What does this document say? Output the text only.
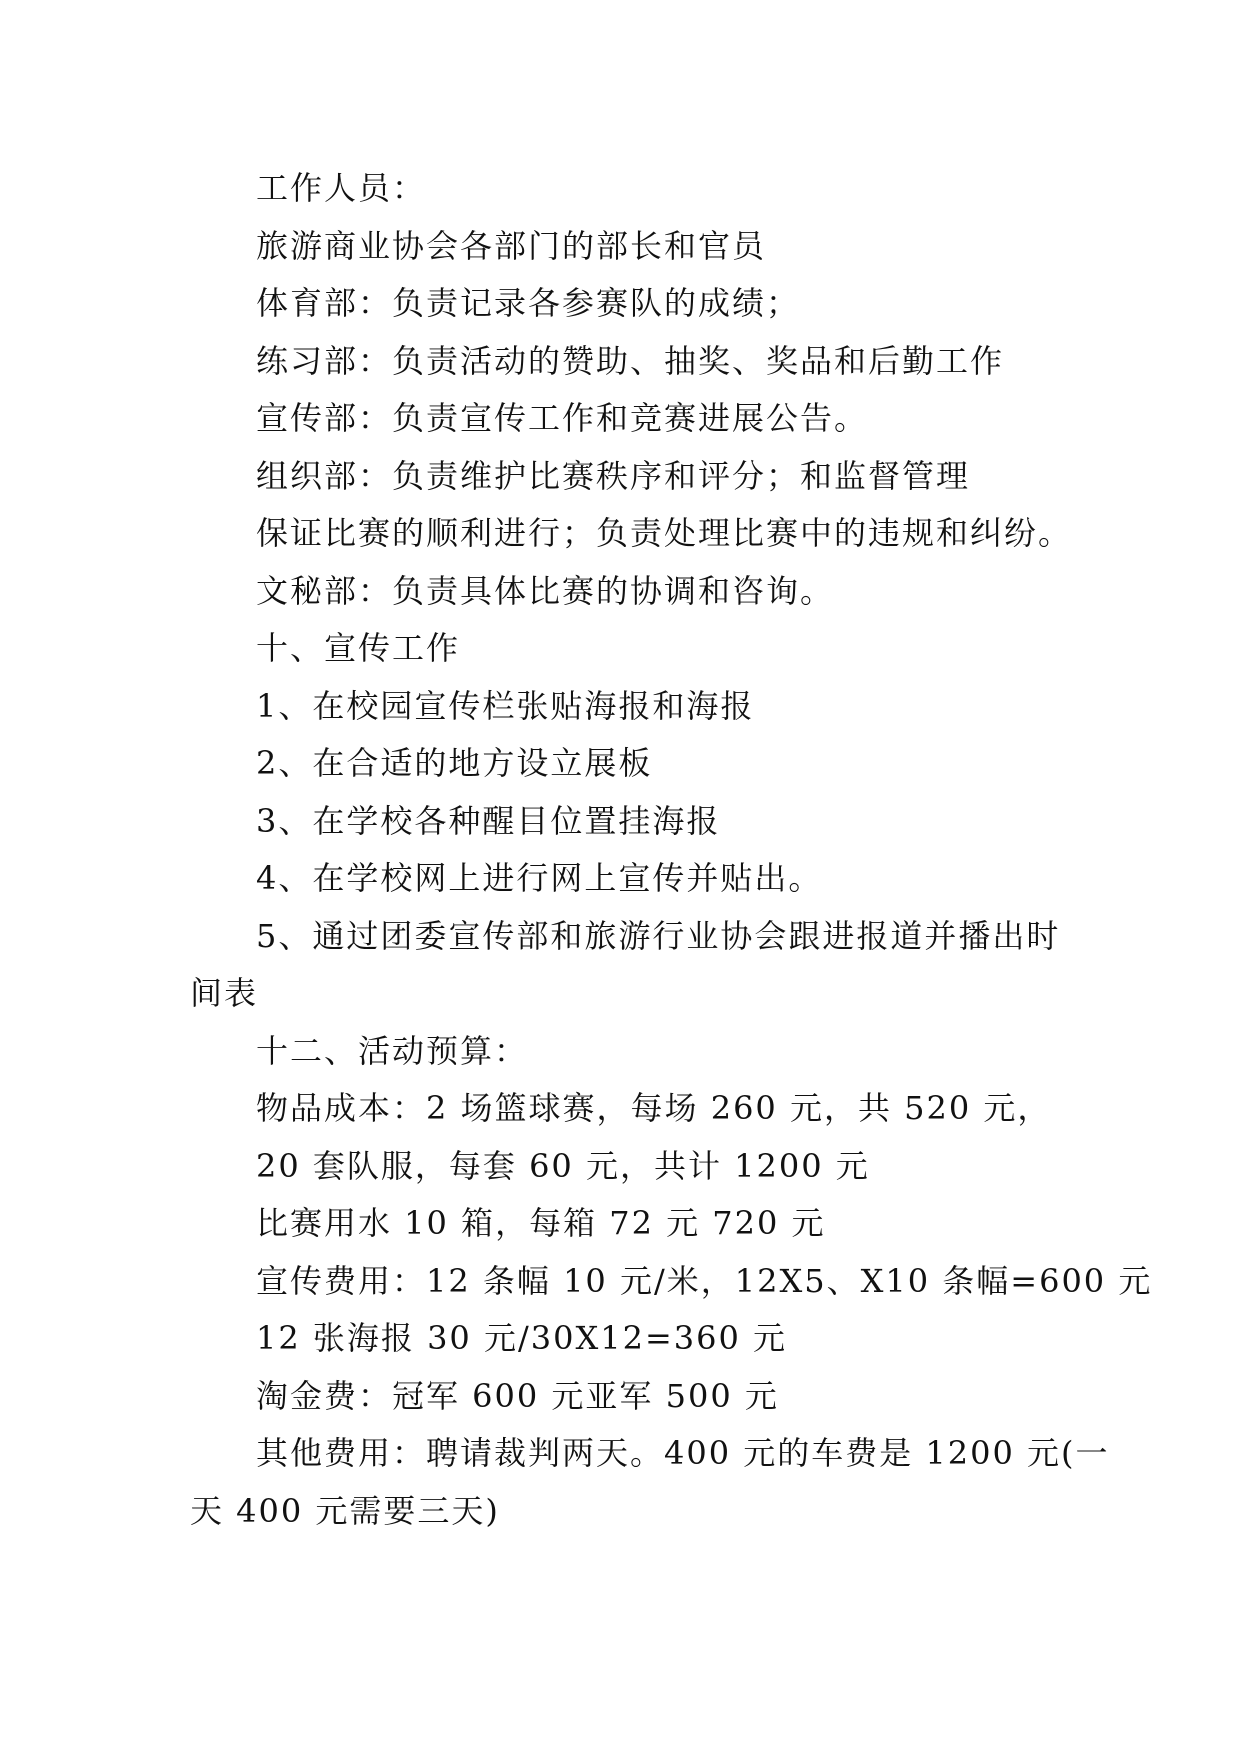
工作人员：

旅游商业协会各部门的部长和官员

体育部：负责记录各参赛队的成绩；

练习部：负责活动的赞助、抽奖、奖品和后勤工作

宣传部：负责宣传工作和竞赛进展公告。

组织部：负责维护比赛秩序和评分；和监督管理

保证比赛的顺利进行；负责处理比赛中的违规和纠纷。

文秘部：负责具体比赛的协调和咨询。

十、宣传工作

1、在校园宣传栏张贴海报和海报

2、在合适的地方设立展板

3、在学校各种醒目位置挂海报

4、在学校网上进行网上宣传并贴出。

5、通过团委宣传部和旅游行业协会跟进报道并播出时

间表

十二、活动预算：

物品成本：2 场篮球赛，每场 260 元，共 520 元，

20 套队服，每套 60 元，共计 1200 元

比赛用水 10 箱，每箱 72 元 720 元

宣传费用：12 条幅 10 元/米，12X5、X10 条幅=600 元

12 张海报 30 元/30X12=360 元

淘金费：冠军 600 元亚军 500 元

其他费用：聘请裁判两天。400 元的车费是 1200 元(一

天 400 元需要三天)
